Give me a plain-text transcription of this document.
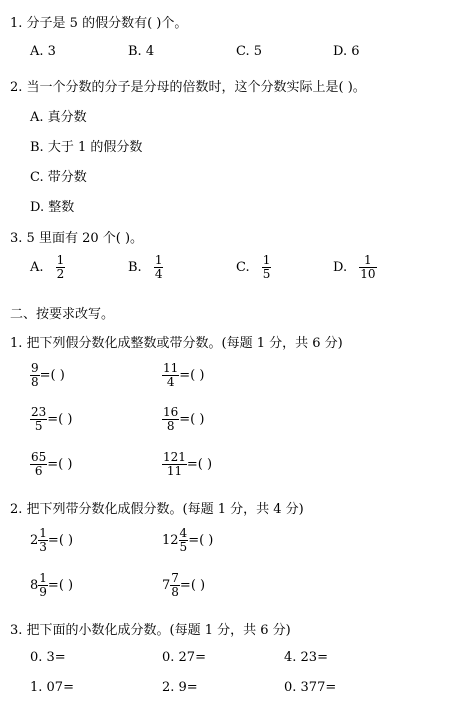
1. 分子是 5 的假分数有( )个。
A. 3	B. 4	C. 5	D. 6
2. 当一个分数的分子是分母的倍数时，这个分数实际上是( )。
A. 真分数
B. 大于 1 的假分数
C. 带分数
D. 整数
3. 5 里面有 20 个( )。
A. $\frac{1}{2}$	B. $\frac{1}{4}$	C. $\frac{1}{5}$	D. $\frac{1}{10}$
二、按要求改写。
1. 把下列假分数化成整数或带分数。(每题 1 分，共 6 分)
$\frac{9}{8}$ =( )	$\frac{11}{4}$ =( )
$\frac{23}{5}$ =( )	$\frac{16}{8}$ =( )
$\frac{65}{6}$ =( )	$\frac{121}{11}$ =( )
2. 把下列带分数化成假分数。(每题 1 分，共 4 分)
$2 \frac{1}{3}$ =( )	$12 \frac{4}{5}$ =( )
$8 \frac{1}{9}$ =( )	$7 \frac{7}{8}$ =( )
3. 把下面的小数化成分数。(每题 1 分，共 6 分)
0. 3=	0. 27=	4. 23=
1. 07=	2. 9=	0. 377=
